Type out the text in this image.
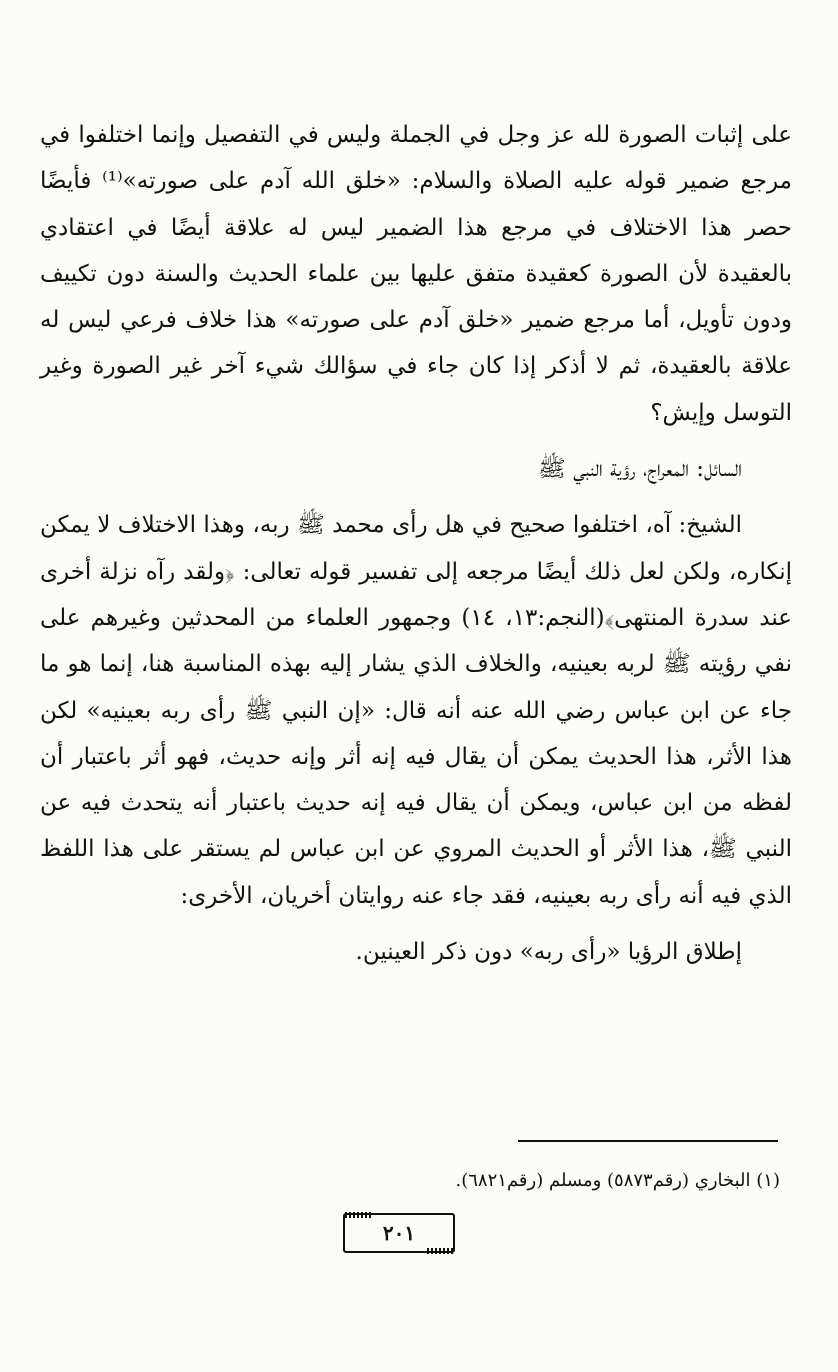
على إثبات الصورة لله عز وجل في الجملة وليس في التفصيل وإنما اختلفوا في مرجع ضمير قوله عليه الصلاة والسلام: «خلق الله آدم على صورته»⁽¹⁾ فأيضًا حصر هذا الاختلاف في مرجع هذا الضمير ليس له علاقة أيضًا في اعتقادي بالعقيدة لأن الصورة كعقيدة متفق عليها بين علماء الحديث والسنة دون تكييف ودون تأويل، أما مرجع ضمير «خلق آدم على صورته» هذا خلاف فرعي ليس له علاقة بالعقيدة، ثم لا أذكر إذا كان جاء في سؤالك شيء آخر غير الصورة وغير التوسل وإيش؟

السائل: المعراج، رؤية النبي ﷺ

الشيخ: آه، اختلفوا صحيح في هل رأى محمد ﷺ ربه، وهذا الاختلاف لا يمكن إنكاره، ولكن لعل ذلك أيضًا مرجعه إلى تفسير قوله تعالى: ﴿ولقد رآه نزلة أخرى عند سدرة المنتهى﴾(النجم:١٣، ١٤) وجمهور العلماء من المحدثين وغيرهم على نفي رؤيته ﷺ لربه بعينيه، والخلاف الذي يشار إليه بهذه المناسبة هنا، إنما هو ما جاء عن ابن عباس رضي الله عنه أنه قال: «إن النبي ﷺ رأى ربه بعينيه» لكن هذا الأثر، هذا الحديث يمكن أن يقال فيه إنه أثر وإنه حديث، فهو أثر باعتبار أن لفظه من ابن عباس، ويمكن أن يقال فيه إنه حديث باعتبار أنه يتحدث فيه عن النبي ﷺ، هذا الأثر أو الحديث المروي عن ابن عباس لم يستقر على هذا اللفظ الذي فيه أنه رأى ربه بعينيه، فقد جاء عنه روايتان أخريان، الأخرى:

إطلاق الرؤيا «رأى ربه» دون ذكر العينين.

(١) البخاري (رقم٥٨٧٣) ومسلم (رقم٦٨٢١).
٢٠١
